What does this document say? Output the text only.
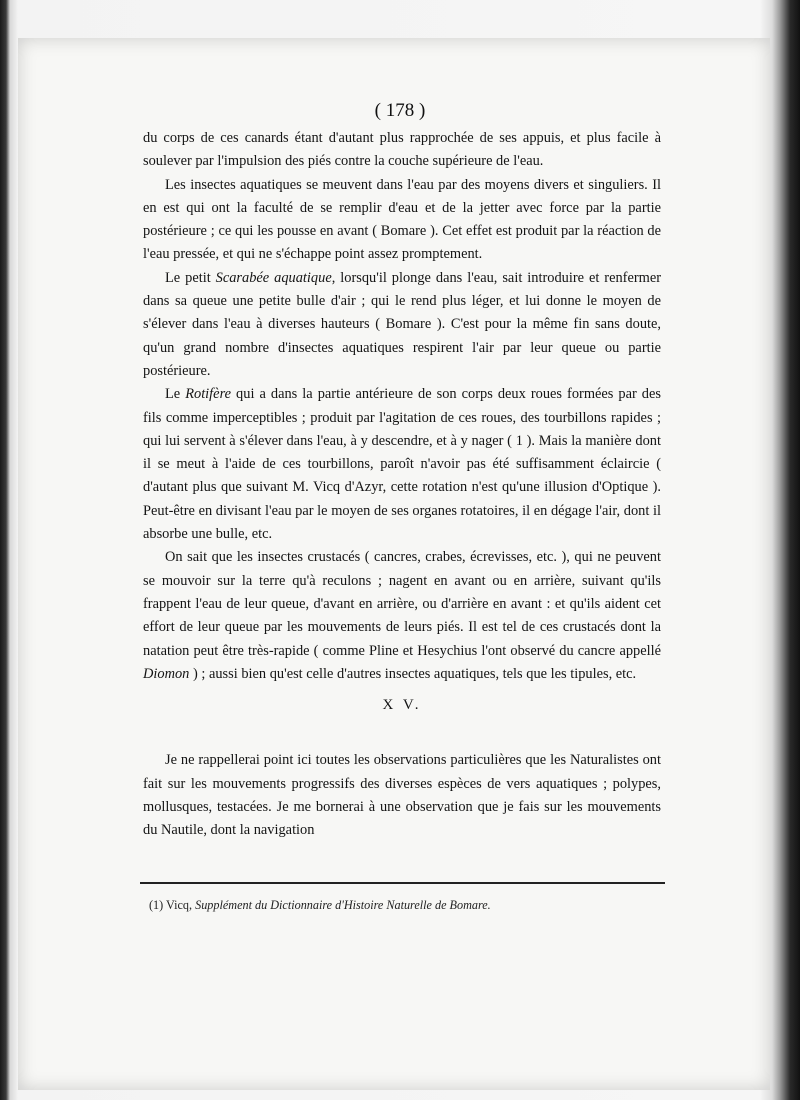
( 178 )

du corps de ces canards étant d'autant plus rapprochée de ses appuis, et plus facile à soulever par l'impulsion des piés contre la couche supérieure de l'eau.

Les insectes aquatiques se meuvent dans l'eau par des moyens divers et singuliers. Il en est qui ont la faculté de se remplir d'eau et de la jetter avec force par la partie postérieure ; ce qui les pousse en avant ( Bomare ). Cet effet est produit par la réaction de l'eau pressée, et qui ne s'échappe point assez promptement.

Le petit Scarabée aquatique, lorsqu'il plonge dans l'eau, sait introduire et renfermer dans sa queue une petite bulle d'air ; qui le rend plus léger, et lui donne le moyen de s'élever dans l'eau à diverses hauteurs ( Bomare ). C'est pour la même fin sans doute, qu'un grand nombre d'insectes aquatiques respirent l'air par leur queue ou partie postérieure.

Le Rotifère qui a dans la partie antérieure de son corps deux roues formées par des fils comme imperceptibles ; produit par l'agitation de ces roues, des tourbillons rapides ; qui lui servent à s'élever dans l'eau, à y descendre, et à y nager ( 1 ). Mais la manière dont il se meut à l'aide de ces tourbillons, paroît n'avoir pas été suffisamment éclaircie ( d'autant plus que suivant M. Vicq d'Azyr, cette rotation n'est qu'une illusion d'Optique ). Peut-être en divisant l'eau par le moyen de ses organes rotatoires, il en dégage l'air, dont il absorbe une bulle, etc.

On sait que les insectes crustacés ( cancres, crabes, écrevisses, etc. ), qui ne peuvent se mouvoir sur la terre qu'à reculons ; nagent en avant ou en arrière, suivant qu'ils frappent l'eau de leur queue, d'avant en arrière, ou d'arrière en avant : et qu'ils aident cet effort de leur queue par les mouvements de leurs piés. Il est tel de ces crustacés dont la natation peut être très-rapide ( comme Pline et Hesychius l'ont observé du cancre appellé Diomon ) ; aussi bien qu'est celle d'autres insectes aquatiques, tels que les tipules, etc.

X V.

Je ne rappellerai point ici toutes les observations particulières que les Naturalistes ont fait sur les mouvements progressifs des diverses espèces de vers aquatiques ; polypes, mollusques, testacées. Je me bornerai à une observation que je fais sur les mouvements du Nautile, dont la navigation

(1) Vicq, Supplément du Dictionnaire d'Histoire Naturelle de Bomare.
